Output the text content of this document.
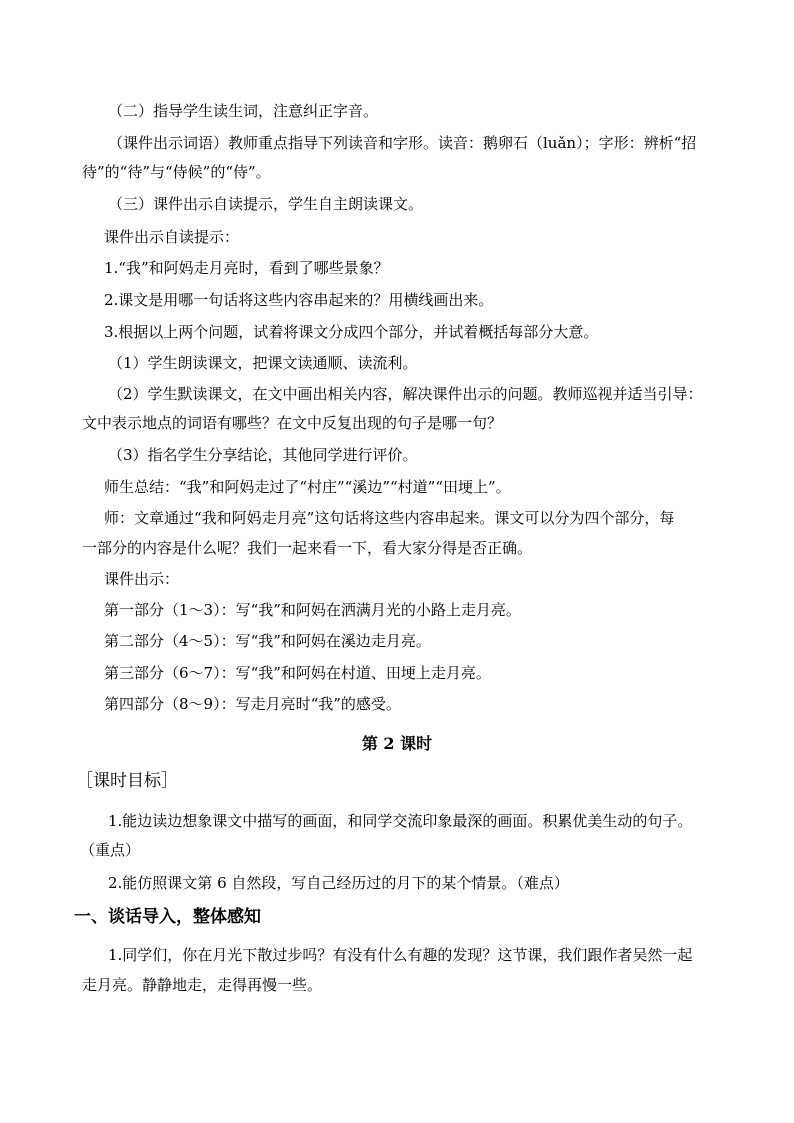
（二）指导学生读生词，注意纠正字音。
（课件出示词语）教师重点指导下列读音和字形。读音：鹅卵石（luǎn）；字形：辨析“招
待”的“待”与“侍候”的“侍”。
（三）课件出示自读提示，学生自主朗读课文。
课件出示自读提示：
1.“我”和阿妈走月亮时，看到了哪些景象？
2.课文是用哪一句话将这些内容串起来的？用横线画出来。
3.根据以上两个问题，试着将课文分成四个部分，并试着概括每部分大意。
（1）学生朗读课文，把课文读通顺、读流利。
（2）学生默读课文，在文中画出相关内容，解决课件出示的问题。教师巡视并适当引导：
文中表示地点的词语有哪些？在文中反复出现的句子是哪一句？
（3）指名学生分享结论，其他同学进行评价。
师生总结：“我”和阿妈走过了“村庄”“溪边”“村道”“田埂上”。
师：文章通过“我和阿妈走月亮”这句话将这些内容串起来。课文可以分为四个部分，每
一部分的内容是什么呢？我们一起来看一下，看大家分得是否正确。
课件出示：
第一部分（1～3）：写“我”和阿妈在洒满月光的小路上走月亮。
第二部分（4～5）：写“我”和阿妈在溪边走月亮。
第三部分（6～7）：写“我”和阿妈在村道、田埂上走月亮。
第四部分（8～9）：写走月亮时“我”的感受。
第 2 课时
［课时目标］
1.能边读边想象课文中描写的画面，和同学交流印象最深的画面。积累优美生动的句子。
（重点）
2.能仿照课文第 6 自然段，写自己经历过的月下的某个情景。（难点）
一、谈话导入，整体感知
1.同学们，你在月光下散过步吗？有没有什么有趣的发现？这节课，我们跟作者吴然一起
走月亮。静静地走，走得再慢一些。
